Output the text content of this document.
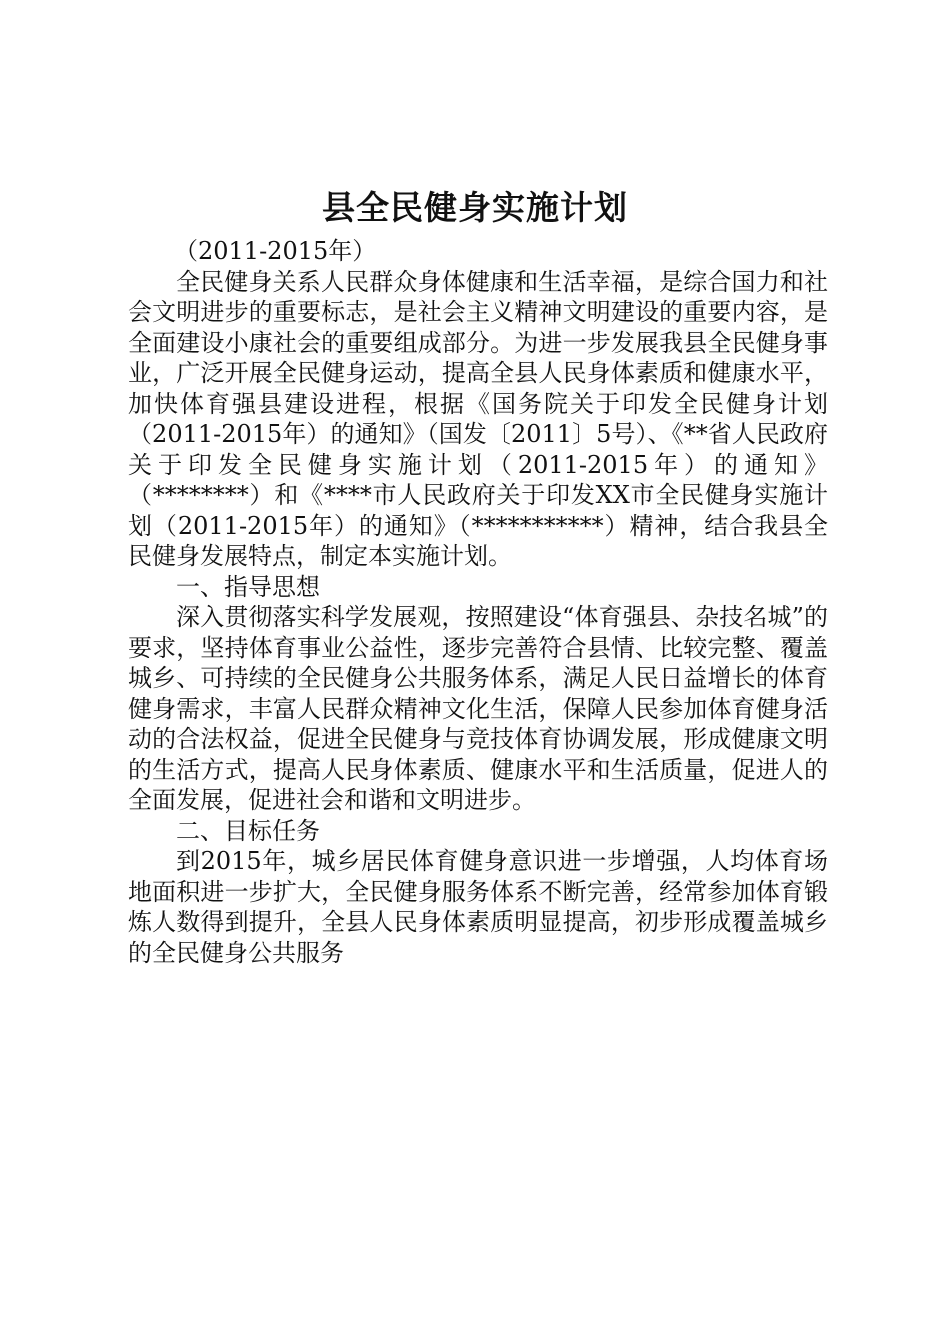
县全民健身实施计划

（2011-2015年）

全民健身关系人民群众身体健康和生活幸福，是综合国力和社会文明进步的重要标志，是社会主义精神文明建设的重要内容，是全面建设小康社会的重要组成部分。为进一步发展我县全民健身事业，广泛开展全民健身运动，提高全县人民身体素质和健康水平，加快体育强县建设进程，根据《国务院关于印发全民健身计划（2011-2015年）的通知》（国发〔2011〕5号）、《**省人民政府关于印发全民健身实施计划（2011-2015年）的通知》（********）和《****市人民政府关于印发XX市全民健身实施计划（2011-2015年）的通知》（***********）精神，结合我县全民健身发展特点，制定本实施计划。

一、指导思想

深入贯彻落实科学发展观，按照建设“体育强县、杂技名城”的要求，坚持体育事业公益性，逐步完善符合县情、比较完整、覆盖城乡、可持续的全民健身公共服务体系，满足人民日益增长的体育健身需求，丰富人民群众精神文化生活，保障人民参加体育健身活动的合法权益，促进全民健身与竞技体育协调发展，形成健康文明的生活方式，提高人民身体素质、健康水平和生活质量，促进人的全面发展，促进社会和谐和文明进步。

二、目标任务

到2015年，城乡居民体育健身意识进一步增强，人均体育场地面积进一步扩大，全民健身服务体系不断完善，经常参加体育锻炼人数得到提升，全县人民身体素质明显提高，初步形成覆盖城乡的全民健身公共服务
